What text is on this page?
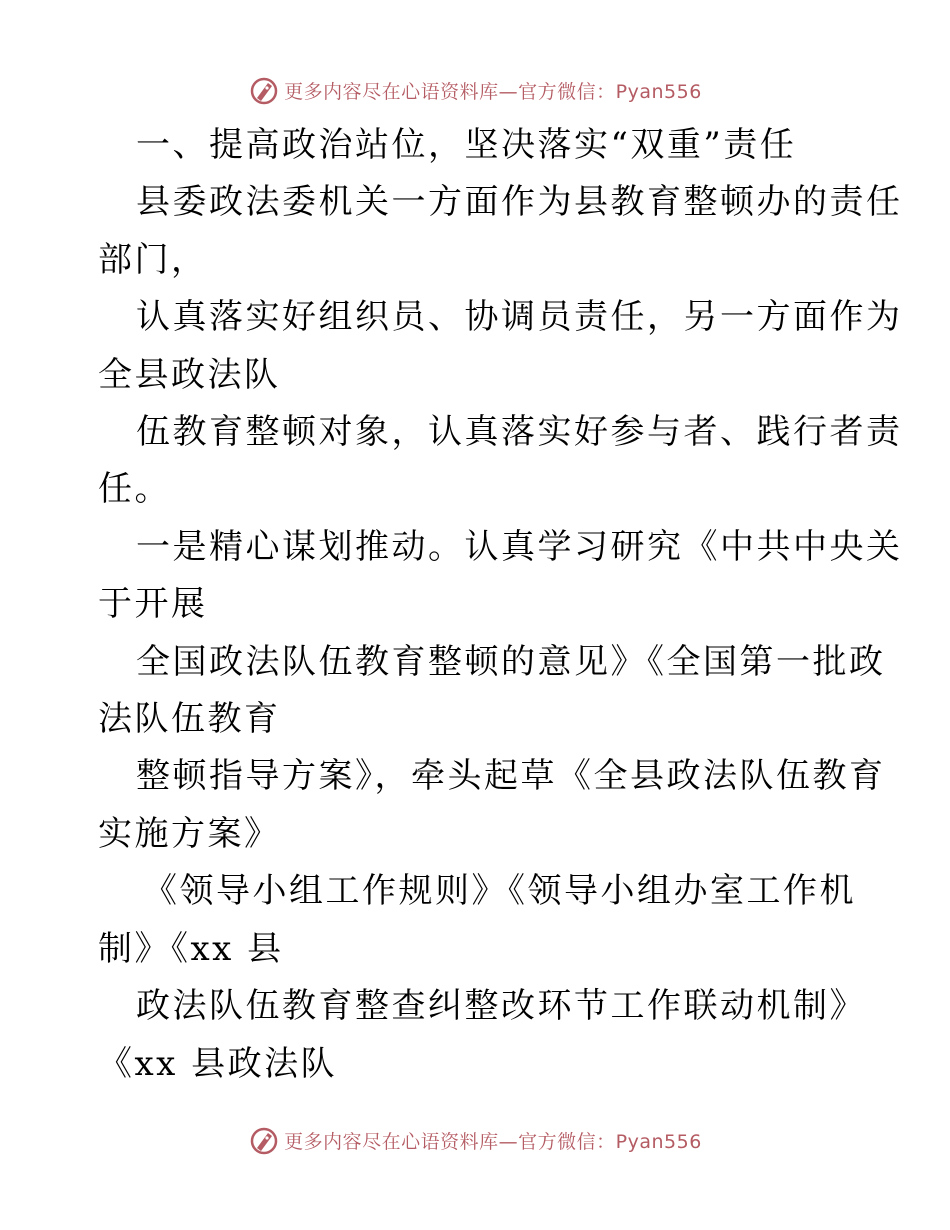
更多内容尽在心语资料库—官方微信：Pyan556

一、提高政治站位，坚决落实“双重”责任

县委政法委机关一方面作为县教育整顿办的责任

部门，

认真落实好组织员、协调员责任，另一方面作为

全县政法队

伍教育整顿对象，认真落实好参与者、践行者责

任。

一是精心谋划推动。认真学习研究《中共中央关

于开展

全国政法队伍教育整顿的意见》《全国第一批政

法队伍教育

整顿指导方案》，牵头起草《全县政法队伍教育

实施方案》

《领导小组工作规则》《领导小组办室工作机

制》《xx 县

政法队伍教育整查纠整改环节工作联动机制》

《xx 县政法队

更多内容尽在心语资料库—官方微信：Pyan556
